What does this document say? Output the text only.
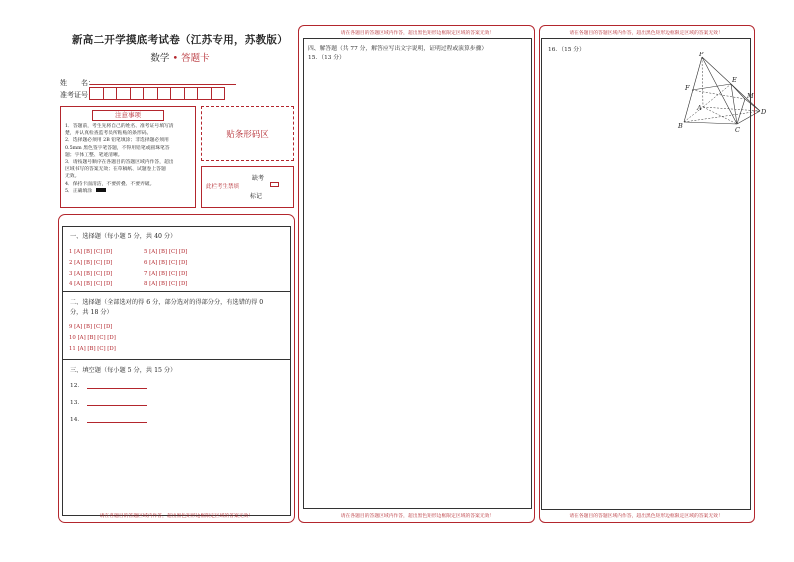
新高二开学摸底考试卷（江苏专用，苏教版）
数学 • 答题卡
姓　　名：
准考证号：
注意事项
1．答题前，考生先将自己的姓名、准考证号填写清
楚，并认真检查监考员所粘贴的条形码。
2．选择题必须用 2B 铅笔填涂；非选择题必须用
0.5mm 黑色签字笔答题，不得用铅笔或圆珠笔答
题；字体工整、笔迹清晰。
3．请按题号顺序在各题目的答题区域内作答，超出
区域书写的答案无效；在草稿纸、试题卷上答题
无效。
4．保持卡面清洁，不要折叠、不要弄破。
5．正确填涂
贴条形码区
缺考
此栏考生禁填
标记
一、选择题（每小题 5 分，共 40 分）
1 [A] [B] [C] [D]
2 [A] [B] [C] [D]
3 [A] [B] [C] [D]
4 [A] [B] [C] [D]
5 [A] [B] [C] [D]
6 [A] [B] [C] [D]
7 [A] [B] [C] [D]
8 [A] [B] [C] [D]
二、选择题（全部选对的得 6 分，部分选对的得部分分，有选错的得 0
分，共 18 分）
9 [A] [B] [C] [D]
10 [A] [B] [C] [D]
11 [A] [B] [C] [D]
三、填空题（每小题 5 分，共 15 分）
12．
13．
14．
请在各题目的答题区域内作答，超出黑色矩形边框限定区域的答案无效！
请在各题目的答题区域内作答，超出黑色矩形边框限定区域的答案无效！
四、解答题（共 77 分，解答应写出文字说明，证明过程或演算步骤）
15．（13 分）
请在各题目的答题区域内作答，超出黑色矩形边框限定区域的答案无效！
请在各题目的答题区域内作答，超出黑色矩形边框限定区域的答案无效！
16．（15 分）	P
E
F
M
A
B	C
D
请在各题目的答题区域内作答，超出黑色矩形边框限定区域的答案无效！
